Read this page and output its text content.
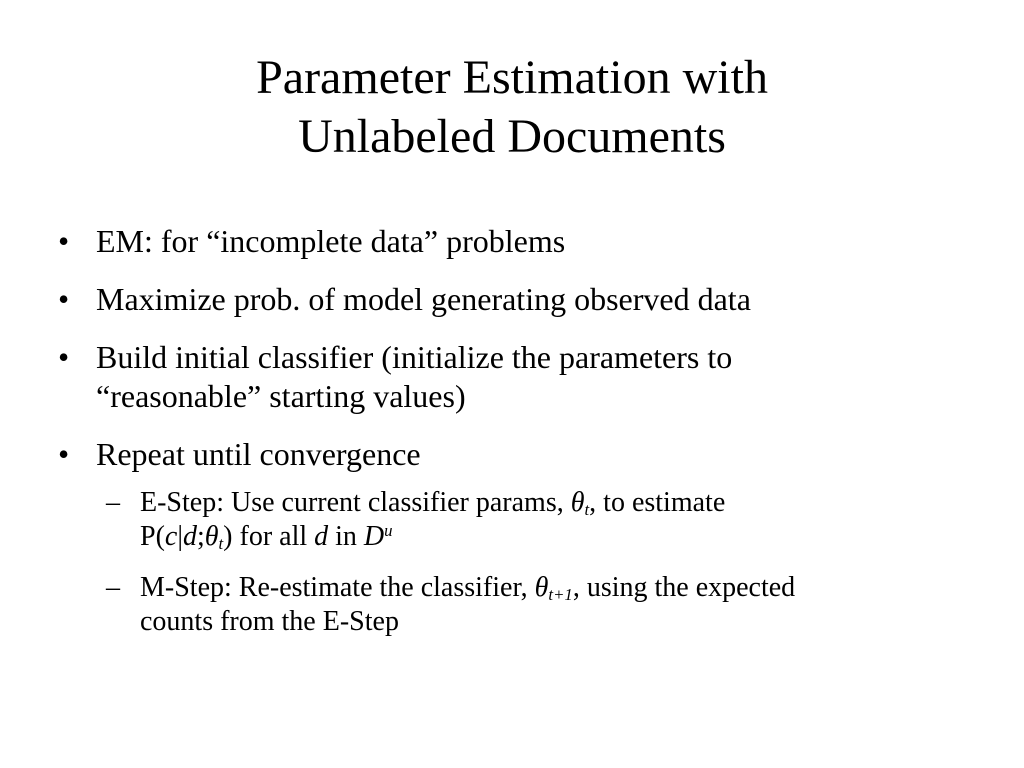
Parameter Estimation with
Unlabeled Documents
• EM: for “incomplete data” problems
• Maximize prob. of model generating observed data
• Build initial classifier (initialize the parameters to
“reasonable” starting values)
• Repeat until convergence
– E-Step: Use current classifier params, $\theta_t$, to estimate
$P(c|d;\theta_t)$ for all d in $D^u$
– M-Step: Re-estimate the classifier, $\theta_{t+1}$, using the expected
counts from the E-Step
